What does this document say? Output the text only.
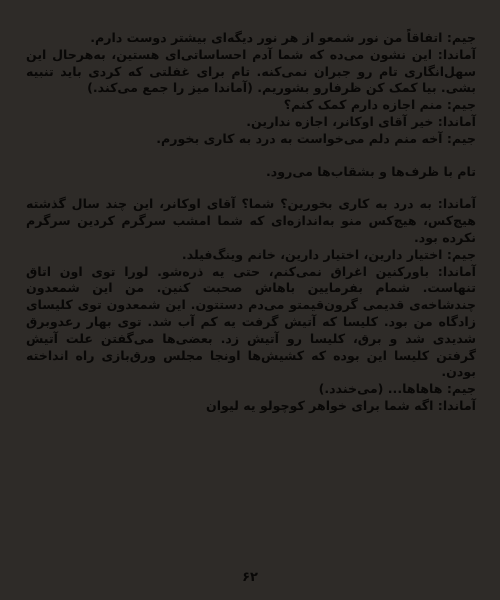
جیم: اتفاقاً من نور شمعو از هر نور دیگه‌ای بیشتر دوست دارم.

آماندا: این نشون می‌ده که شما آدم احساساتی‌ای هستین، به‌هرحال این سهل‌انگاری تام رو جبران نمی‌کنه. تام برای غفلتی که کردی باید تنبیه بشی. بیا کمک کن ظرفارو بشوریم. (آماندا میز را جمع می‌کند.)

جیم: منم اجازه دارم کمک کنم؟

آماندا: خیر آقای اوکانر، اجازه ندارین.

جیم: آخه منم دلم می‌خواست به درد به کاری بخورم.

تام با ظرف‌ها و بشقاب‌ها می‌رود.

آماندا: به درد به کاری بخورین؟ شما؟ آقای اوکانر، این چند سال گذشته هیچ‌کس، هیچ‌کس منو به‌اندازه‌ای که شما امشب سرگرم کردین سرگرم نکرده بود.

جیم: اختیار دارین، اختیار دارین، خانم وینگ‌فیلد.

آماندا: باورکنین اغراق نمی‌کنم، حتی یه ذره‌شو. لورا توی اون اتاق تنهاست. شمام بفرمایین باهاش صحبت کنین. من این شمعدون چندشاخه‌ی قدیمی گرون‌قیمتو می‌دم دستتون. این شمعدون توی کلیسای زادگاه من بود. کلیسا که آتیش گرفت یه کم آب شد. توی بهار رعدوبرق شدیدی شد و برق، کلیسا رو آتیش زد. بعضی‌ها می‌گفتن علت آتیش گرفتن کلیسا این بوده که کشیش‌ها اونجا مجلس ورق‌بازی راه انداخته بودن.

جیم: هاهاها... (می‌خندد.)

آماندا: اگه شما برای خواهر کوچولو یه لیوان

۶۲
